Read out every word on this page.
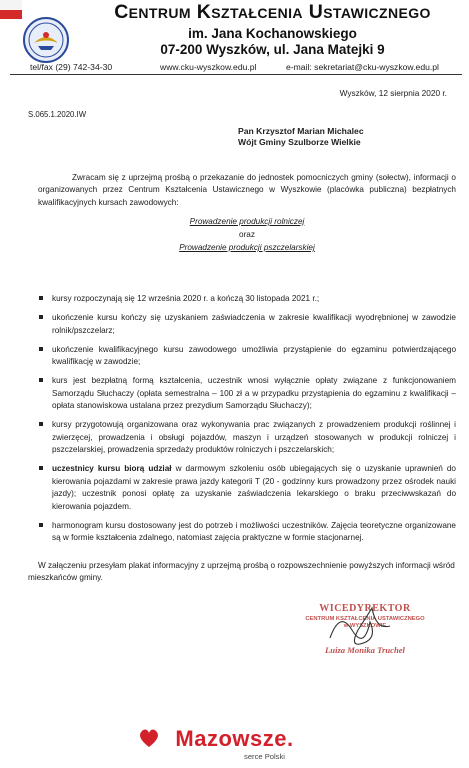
Centrum Kształcenia Ustawicznego
im. Jana Kochanowskiego
07-200 Wyszków, ul. Jana Matejki 9
tel/fax (29) 742-34-30	www.cku-wyszkow.edu.pl	e-mail: sekretariat@cku-wyszkow.edu.pl
Wyszków, 12 sierpnia 2020 r.
S.065.1.2020.IW
Pan Krzysztof Marian Michalec
Wójt Gminy Szulborze Wielkie
Zwracam się z uprzejmą prośbą o przekazanie do jednostek pomocniczych gminy (sołectw), informacji o organizowanych przez Centrum Kształcenia Ustawicznego w Wyszkowie (placówka publiczna) bezpłatnych kwalifikacyjnych kursach zawodowych:
Prowadzenie produkcji rolniczej
oraz
Prowadzenie produkcji pszczelarskiej
kursy rozpoczynają się 12 września 2020 r. a kończą 30 listopada 2021 r.;
ukończenie kursu kończy się uzyskaniem zaświadczenia w zakresie kwalifikacji wyodrębnionej w zawodzie rolnik/pszczelarz;
ukończenie kwalifikacyjnego kursu zawodowego umożliwia przystąpienie do egzaminu potwierdzającego kwalifikację w zawodzie;
kurs jest bezpłatną formą kształcenia, uczestnik wnosi wyłącznie opłaty związane z funkcjonowaniem Samorządu Słuchaczy (opłata semestralna – 100 zł a w przypadku przystąpienia do egzaminu z kwalifikacji – opłata stanowiskowa ustalana przez prezydium Samorządu Słuchaczy);
kursy przygotowują organizowana oraz wykonywania prac związanych z prowadzeniem produkcji roślinnej i zwierzęcej, prowadzenia i obsługi pojazdów, maszyn i urządzeń stosowanych w produkcji rolniczej i pszczelarskiej, prowadzenia sprzedaży produktów rolniczych i pszczelarskich;
uczestnicy kursu biorą udział w darmowym szkoleniu osób ubiegających się o uzyskanie uprawnień do kierowania pojazdami w zakresie prawa jazdy kategorii T (20 - godzinny kurs prowadzony przez ośrodek nauki jazdy); uczestnik ponosi opłatę za uzyskanie zaświadczenia lekarskiego o braku przeciwwskazań do kierowania pojazdem.
harmonogram kursu dostosowany jest do potrzeb i możliwości uczestników. Zajęcia teoretyczne organizowane są w formie kształcenia zdalnego, natomiast zajęcia praktyczne w formie stacjonarnej.
W załączeniu przesyłam plakat informacyjny z uprzejmą prośbą o rozpowszechnienie powyższych informacji wśród mieszkańców gminy.
WICEDYREKTOR
CENTRUM KSZTAŁCENIA USTAWICZNEGO
w WYSZKOWIE
Luiza Monika Truchel
Mazowsze.
serce Polski
